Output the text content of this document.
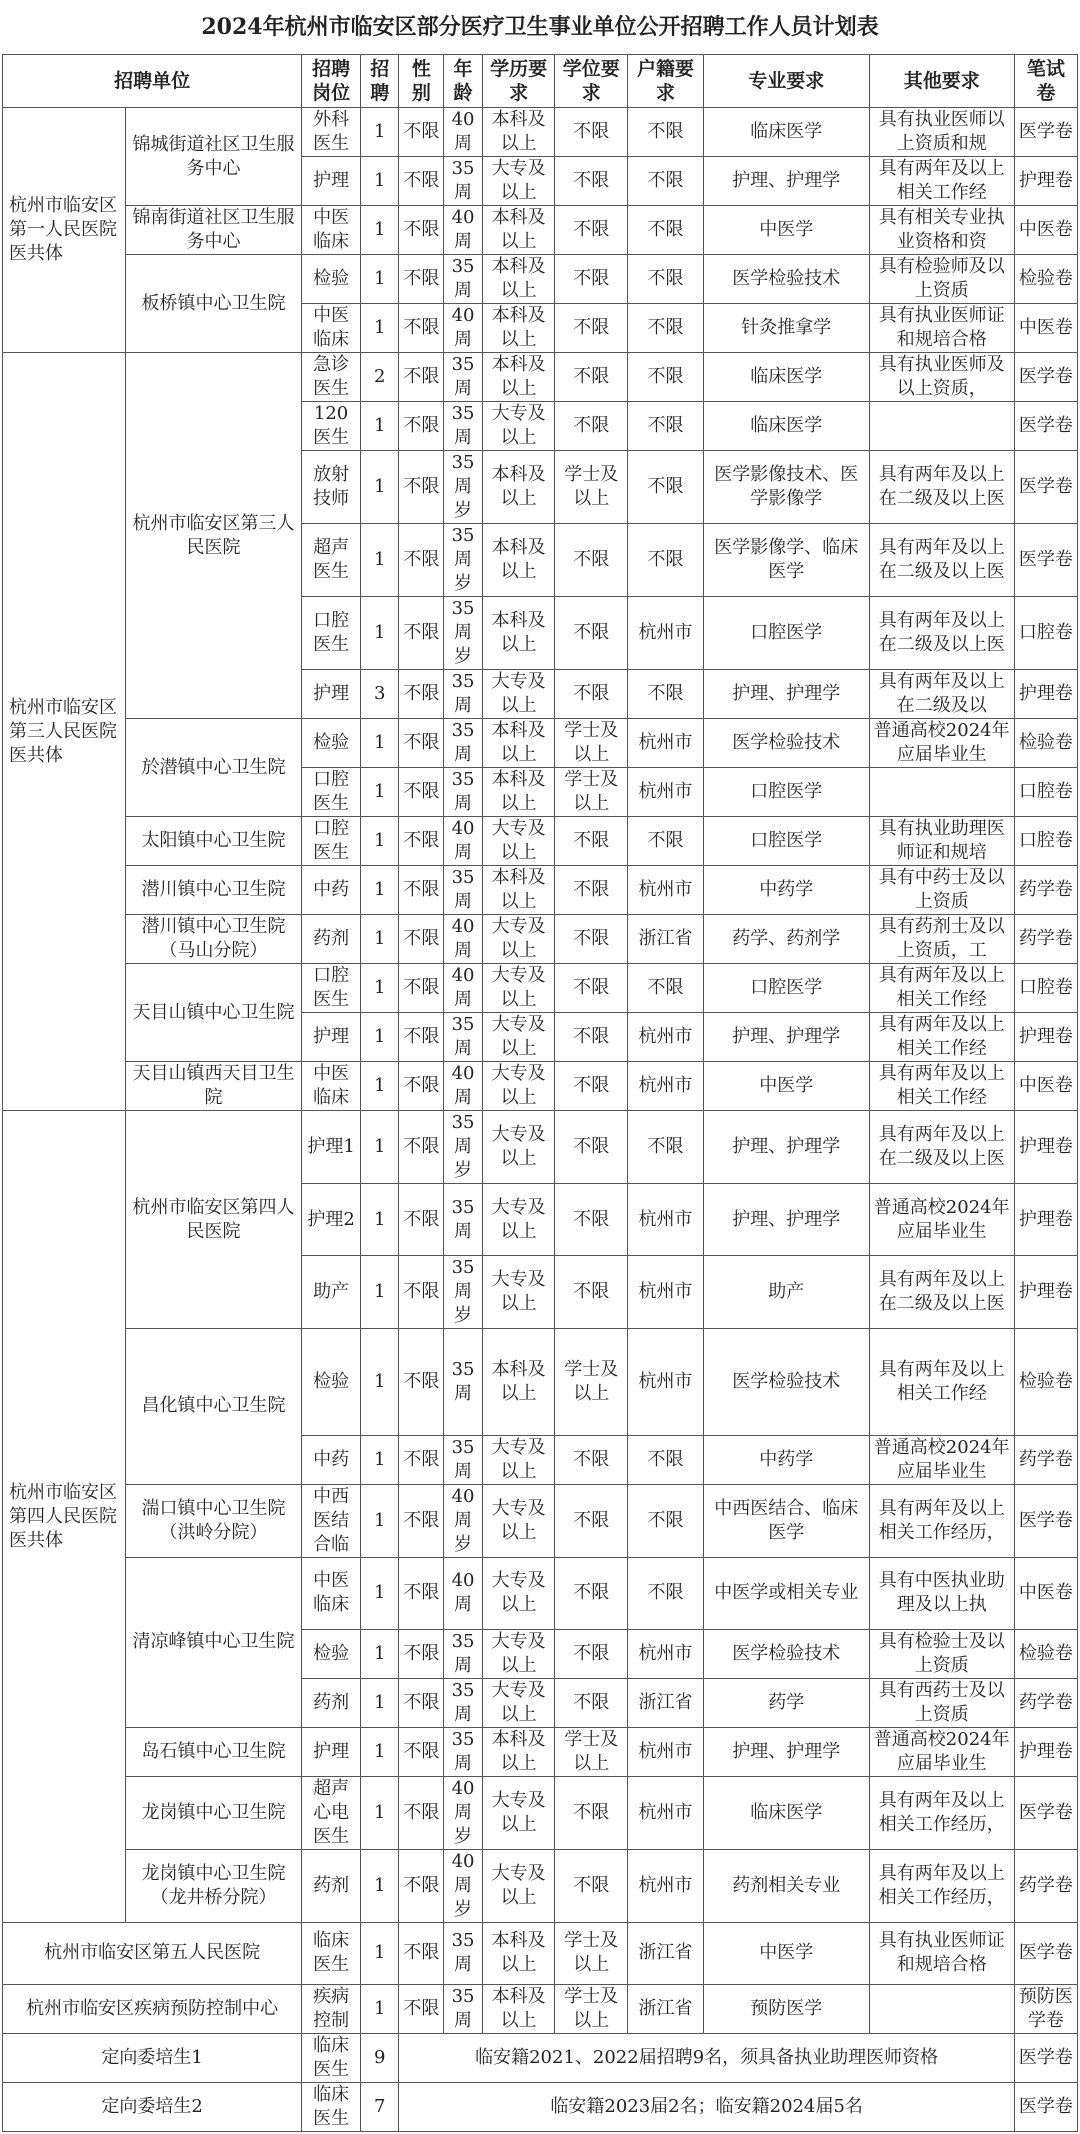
2024年杭州市临安区部分医疗卫生事业单位公开招聘工作人员计划表
招聘单位		招聘岗位	招聘	性别	年龄	学历要求	学位要求	户籍要求	专业要求	其他要求	笔试卷

杭州市临安区第一人民医院医共体	锦城街道社区卫生服务中心	外科医生	1	不限	40周	本科及以上	不限	不限	临床医学	具有执业医师以上资质和规	医学卷

		护理	1	不限	35周	大专及以上	不限	不限	护理、护理学	具有两年及以上相关工作经	护理卷

	锦南街道社区卫生服务中心	中医临床	1	不限	40周	本科及以上	不限	不限	中医学	具有相关专业执业资格和资	中医卷

	板桥镇中心卫生院	检验	1	不限	35周	本科及以上	不限	不限	医学检验技术	具有检验师及以上资质	检验卷

		中医临床	1	不限	40周	本科及以上	不限	不限	针灸推拿学	具有执业医师证和规培合格	中医卷

杭州市临安区第三人民医院医共体	杭州市临安区第三人民医院	急诊医生	2	不限	35周	本科及以上	不限	不限	临床医学	具有执业医师及以上资质，	医学卷

		120医生	1	不限	35周	大专及以上	不限	不限	临床医学		医学卷

		放射技师	1	不限	35周岁	本科及以上	学士及以上	不限	医学影像技术、医学影像学	具有两年及以上在二级及以上医	医学卷

		超声医生	1	不限	35周岁	本科及以上	不限	不限	医学影像学、临床医学	具有两年及以上在二级及以上医	医学卷

		口腔医生	1	不限	35周岁	本科及以上	不限	杭州市	口腔医学	具有两年及以上在二级及以上医	口腔卷

		护理	3	不限	35周	大专及以上	不限	不限	护理、护理学	具有两年及以上在二级及以	护理卷

	於潜镇中心卫生院	检验	1	不限	35周	本科及以上	学士及以上	杭州市	医学检验技术	普通高校2024年应届毕业生	检验卷

		口腔医生	1	不限	35周	本科及以上	学士及以上	杭州市	口腔医学		口腔卷

	太阳镇中心卫生院	口腔医生	1	不限	40周	大专及以上	不限	不限	口腔医学	具有执业助理医师证和规培	口腔卷

	潜川镇中心卫生院	中药	1	不限	35周	本科及以上	不限	杭州市	中药学	具有中药士及以上资质	药学卷

	潜川镇中心卫生院（马山分院）	药剂	1	不限	40周	大专及以上	不限	浙江省	药学、药剂学	具有药剂士及以上资质，工	药学卷

	天目山镇中心卫生院	口腔医生	1	不限	40周	大专及以上	不限	不限	口腔医学	具有两年及以上相关工作经	口腔卷

		护理	1	不限	35周	大专及以上	不限	杭州市	护理、护理学	具有两年及以上相关工作经	护理卷

	天目山镇西天目卫生院	中医临床	1	不限	40周	大专及以上	不限	杭州市	中医学	具有两年及以上相关工作经	中医卷

杭州市临安区第四人民医院医共体	杭州市临安区第四人民医院	护理1	1	不限	35周岁	大专及以上	不限	不限	护理、护理学	具有两年及以上在二级及以上医	护理卷

		护理2	1	不限	35周	大专及以上	不限	杭州市	护理、护理学	普通高校2024年应届毕业生	护理卷

		助产	1	不限	35周岁	大专及以上	不限	杭州市	助产	具有两年及以上在二级及以上医	护理卷

	昌化镇中心卫生院	检验	1	不限	35周	本科及以上	学士及以上	杭州市	医学检验技术	具有两年及以上相关工作经	检验卷

		中药	1	不限	35周	大专及以上	不限	不限	中药学	普通高校2024年应届毕业生	药学卷

	湍口镇中心卫生院（洪岭分院）	中西医结合临	1	不限	40周岁	大专及以上	不限	不限	中西医结合、临床医学	具有两年及以上相关工作经历，	医学卷

	清凉峰镇中心卫生院	中医临床	1	不限	40周	大专及以上	不限	不限	中医学或相关专业	具有中医执业助理及以上执	中医卷

		检验	1	不限	35周	大专及以上	不限	杭州市	医学检验技术	具有检验士及以上资质	检验卷

		药剂	1	不限	35周	大专及以上	不限	浙江省	药学	具有西药士及以上资质	药学卷

	岛石镇中心卫生院	护理	1	不限	35周	本科及以上	学士及以上	杭州市	护理、护理学	普通高校2024年应届毕业生	护理卷

	龙岗镇中心卫生院	超声心电医生	1	不限	40周岁	大专及以上	不限	杭州市	临床医学	具有两年及以上相关工作经历，	医学卷

	龙岗镇中心卫生院（龙井桥分院）	药剂	1	不限	40周岁	大专及以上	不限	杭州市	药剂相关专业	具有两年及以上相关工作经历，	药学卷

杭州市临安区第五人民医院		临床医生	1	不限	35周	本科及以上	学士及以上	浙江省	中医学	具有执业医师证和规培合格	医学卷

杭州市临安区疾病预防控制中心		疾病控制	1	不限	35周	本科及以上	学士及以上	浙江省	预防医学		预防医学卷

定向委培生1		临床医生	9	临安籍2021、2022届招聘9名，须具备执业助理医师资格							医学卷

定向委培生2		临床医生	7	临安籍2023届2名；临安籍2024届5名							医学卷
